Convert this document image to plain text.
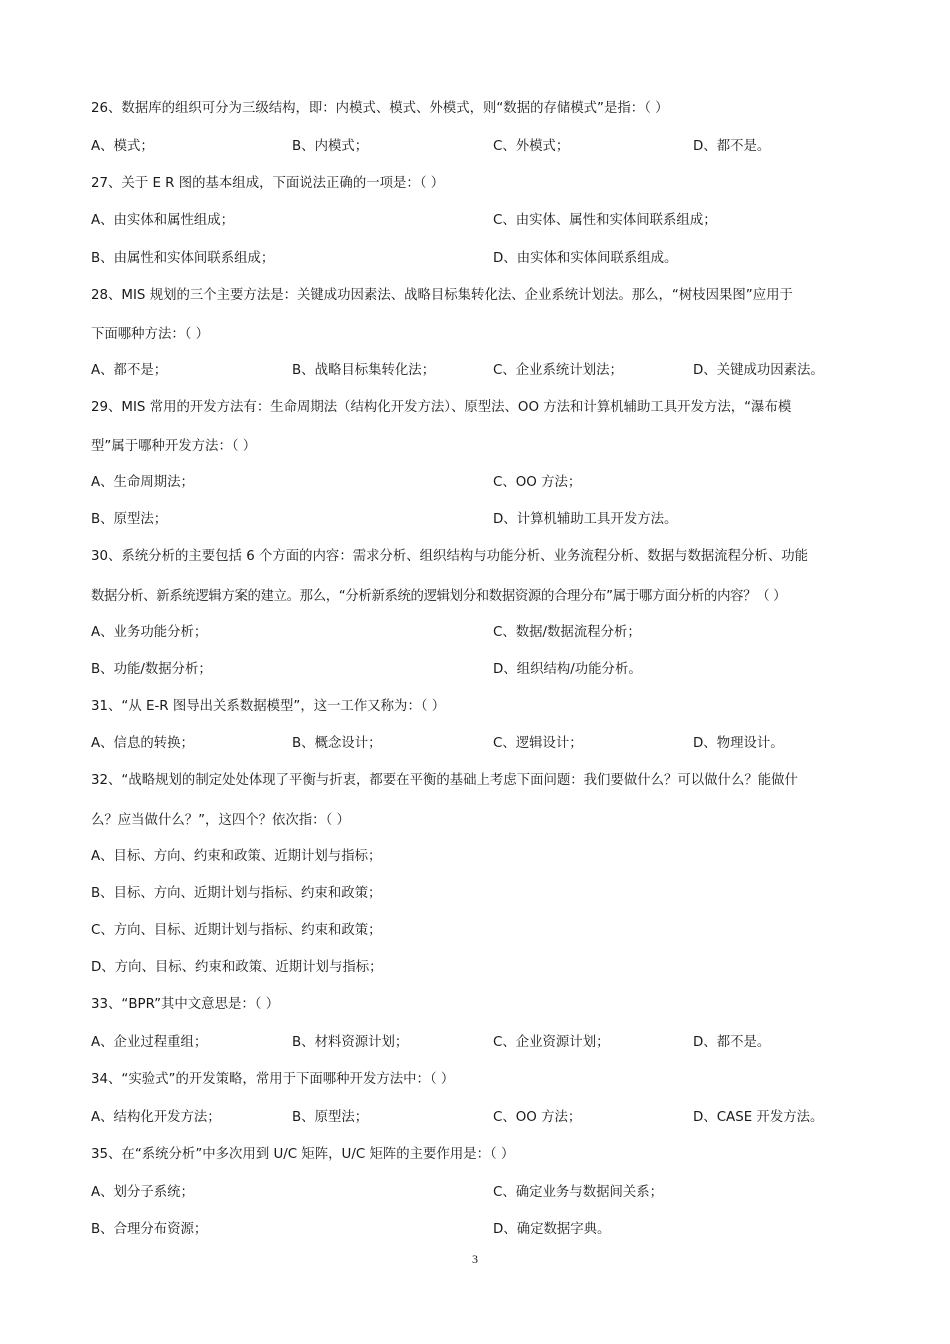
26、数据库的组织可分为三级结构，即：内模式、模式、外模式，则“数据的存储模式”是指：（ ）
A、模式；	B、内模式；	C、外模式；	D、都不是。
27、关于 E R 图的基本组成，下面说法正确的一项是：（ ）
A、由实体和属性组成；	C、由实体、属性和实体间联系组成；
B、由属性和实体间联系组成；	D、由实体和实体间联系组成。
28、MIS 规划的三个主要方法是：关键成功因素法、战略目标集转化法、企业系统计划法。那么，“树枝因果图”应用于
下面哪种方法：（ ）
A、都不是；	B、战略目标集转化法；	C、企业系统计划法；	D、关键成功因素法。
29、MIS 常用的开发方法有：生命周期法（结构化开发方法）、原型法、OO 方法和计算机辅助工具开发方法，“瀑布模
型”属于哪种开发方法：（ ）
A、生命周期法；	C、OO 方法；
B、原型法；	D、计算机辅助工具开发方法。
30、系统分析的主要包括 6 个方面的内容：需求分析、组织结构与功能分析、业务流程分析、数据与数据流程分析、功能
数据分析、新系统逻辑方案的建立。那么，“分析新系统的逻辑划分和数据资源的合理分布”属于哪方面分析的内容？（ ）
A、业务功能分析；	C、数据/数据流程分析；
B、功能/数据分析；	D、组织结构/功能分析。
31、“从 E-R 图导出关系数据模型”，这一工作又称为：（ ）
A、信息的转换；	B、概念设计；	C、逻辑设计；	D、物理设计。
32、“战略规划的制定处处体现了平衡与折衷，都要在平衡的基础上考虑下面问题：我们要做什么？可以做什么？能做什
么？应当做什么？”，这四个？依次指：（ ）
A、目标、方向、约束和政策、近期计划与指标；
B、目标、方向、近期计划与指标、约束和政策；
C、方向、目标、近期计划与指标、约束和政策；
D、方向、目标、约束和政策、近期计划与指标；
33、“BPR”其中文意思是：（ ）
A、企业过程重组；	B、材料资源计划；	C、企业资源计划；	D、都不是。
34、“实验式”的开发策略，常用于下面哪种开发方法中：（ ）
A、结构化开发方法；	B、原型法；	C、OO 方法；	D、CASE 开发方法。
35、在“系统分析”中多次用到 U/C 矩阵，U/C 矩阵的主要作用是：（ ）
A、划分子系统；	C、确定业务与数据间关系；
B、合理分布资源；	D、确定数据字典。
3
